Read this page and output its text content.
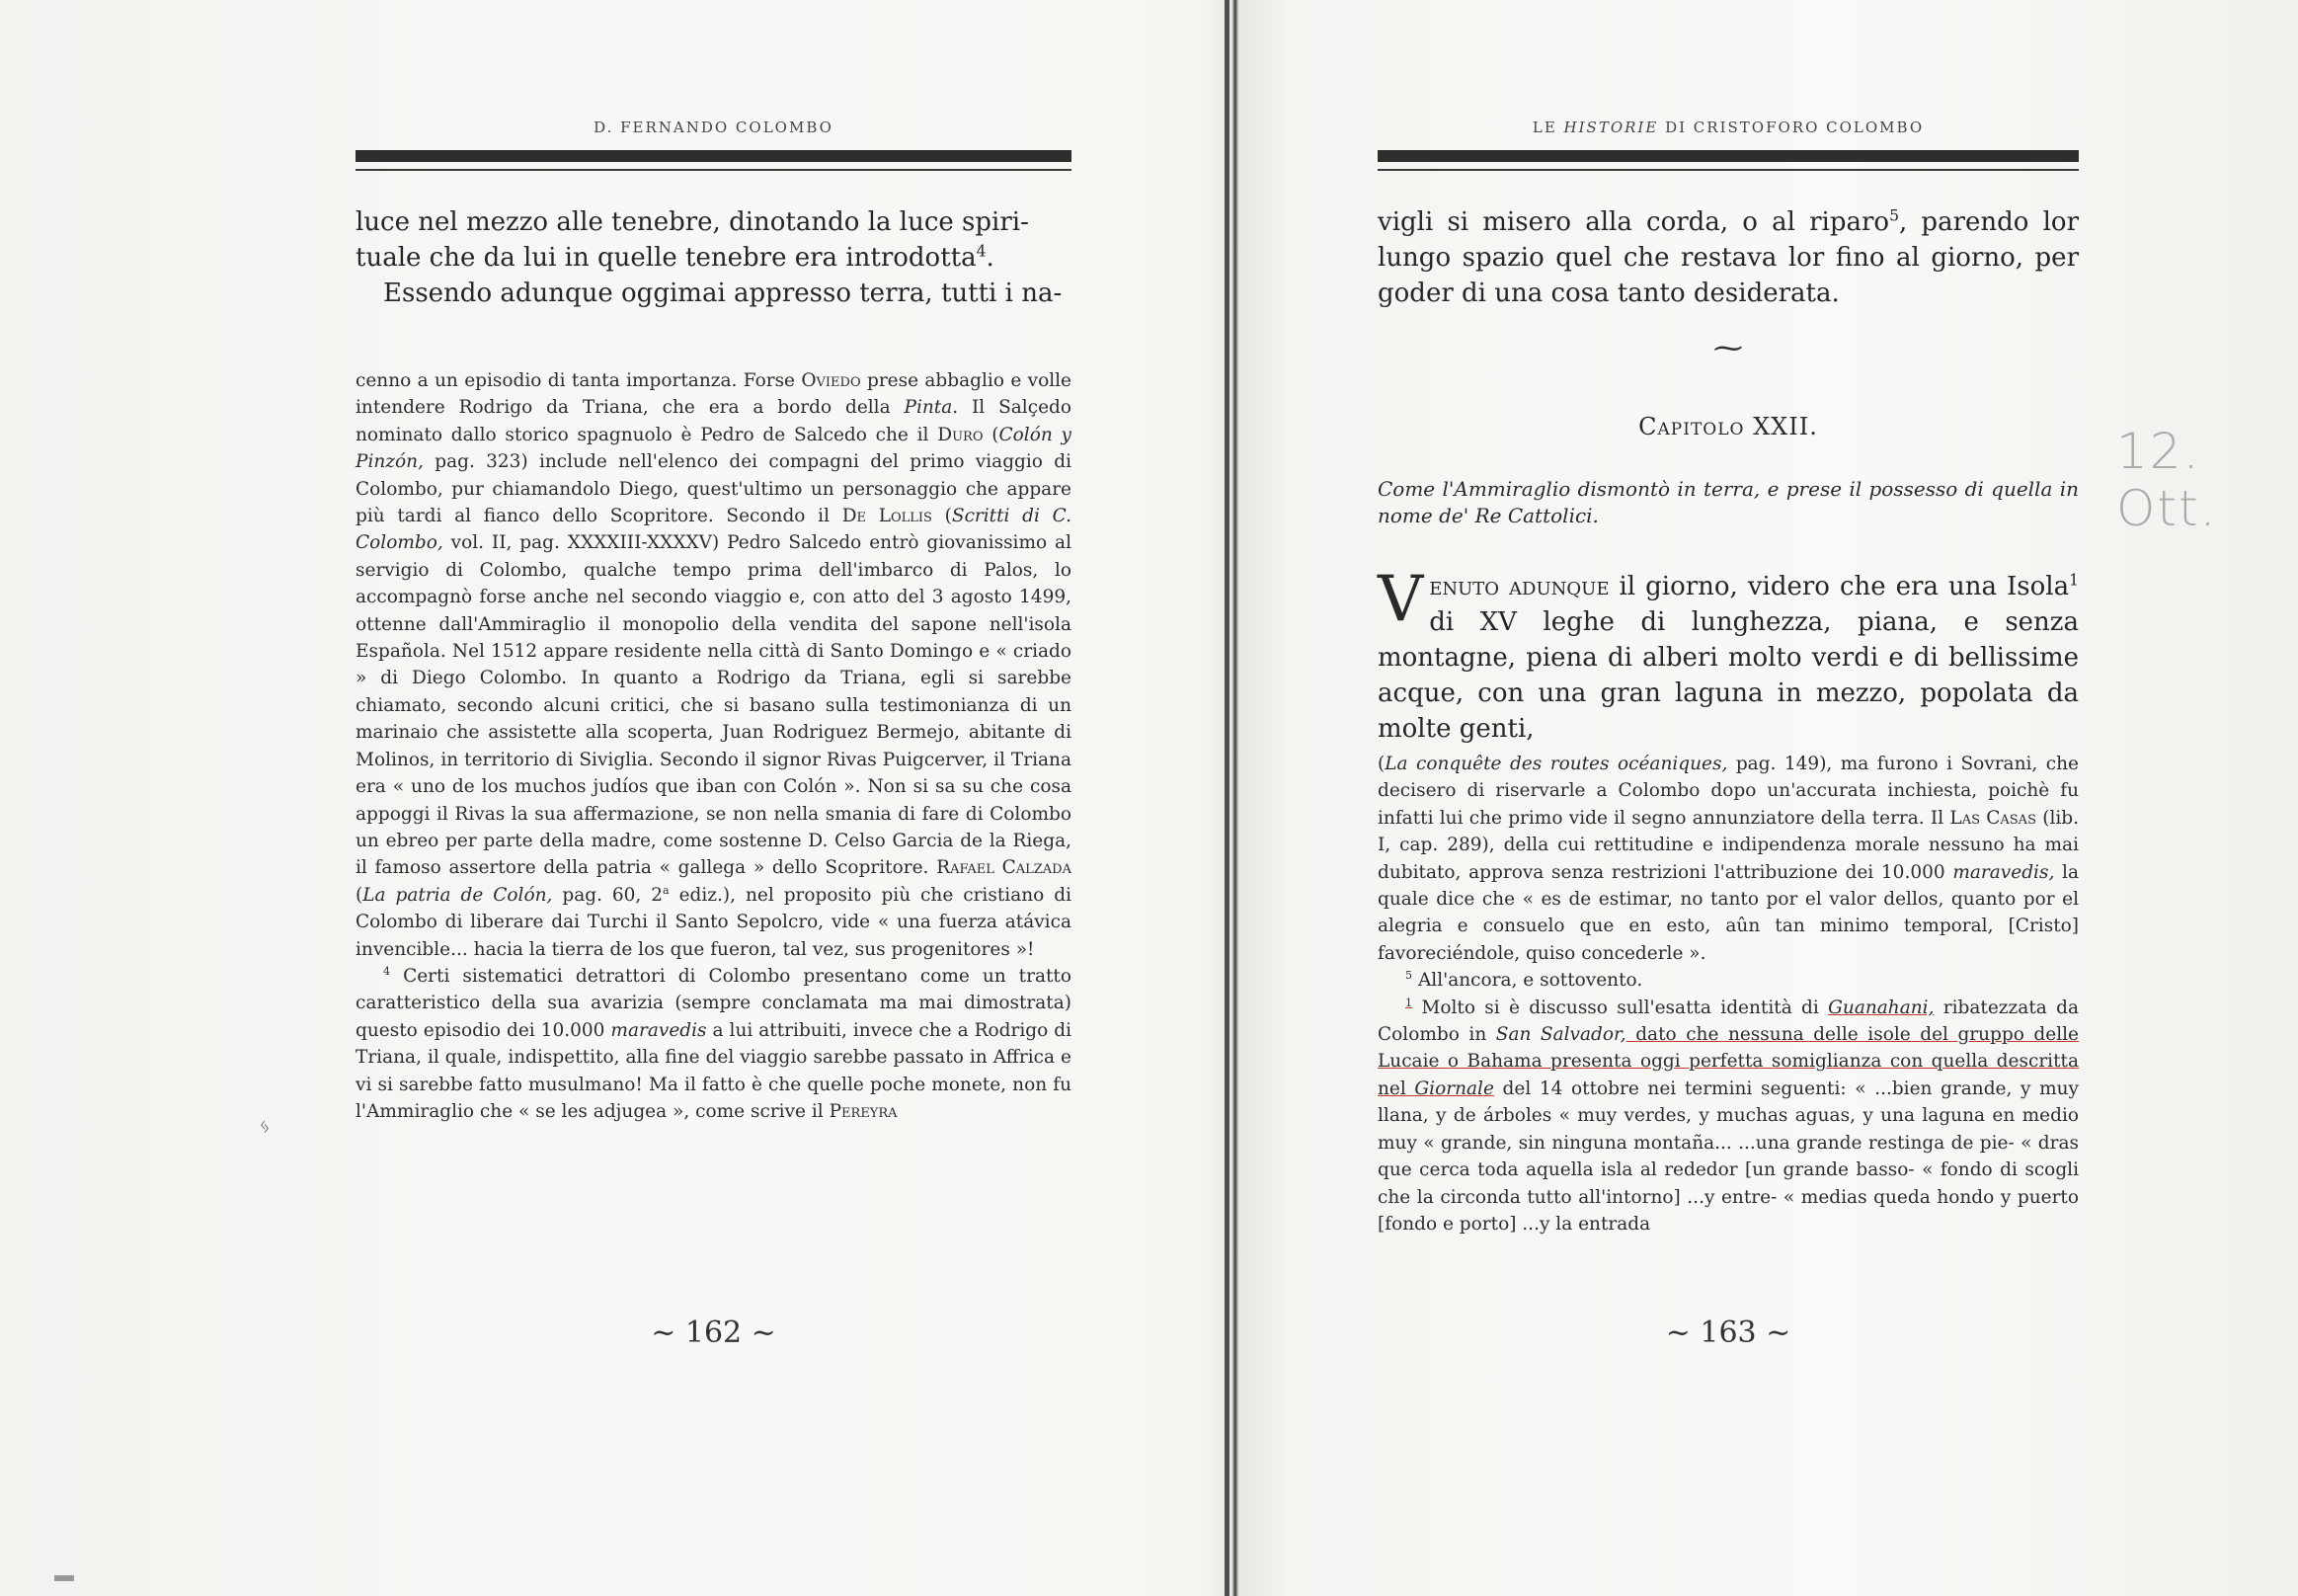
D. FERNANDO COLOMBO

luce nel mezzo alle tenebre, dinotando la luce spiri-

tuale che da lui in quelle tenebre era introdotta$^4$.

Essendo adunque oggimai appresso terra, tutti i na-

cenno a un episodio di tanta importanza. Forse Oviedo prese abbaglio e volle intendere Rodrigo da Triana, che era a bordo della Pinta. Il Salçedo nominato dallo storico spagnuolo è Pedro de Salcedo che il Duro (Colón y Pinzón, pag. 323) include nell'elenco dei compagni del primo viaggio di Colombo, pur chiamandolo Diego, quest'ultimo un personaggio che appare più tardi al fianco dello Scopritore. Secondo il De Lollis (Scritti di C. Colombo, vol. II, pag. XXXXIII-XXXXV) Pedro Salcedo entrò giovanissimo al servigio di Colombo, qualche tempo prima dell'imbarco di Palos, lo accompagnò forse anche nel secondo viaggio e, con atto del 3 agosto 1499, ottenne dall'Ammiraglio il monopolio della vendita del sapone nell'isola Española. Nel 1512 appare residente nella città di Santo Domingo e « criado » di Diego Colombo. In quanto a Rodrigo da Triana, egli si sarebbe chiamato, secondo alcuni critici, che si basano sulla testimonianza di un marinaio che assistette alla scoperta, Juan Rodriguez Bermejo, abitante di Molinos, in territorio di Siviglia. Secondo il signor Rivas Puigcerver, il Triana era « uno de los muchos judíos que iban con Colón ». Non si sa su che cosa appoggi il Rivas la sua affermazione, se non nella smania di fare di Colombo un ebreo per parte della madre, come sostenne D. Celso Garcia de la Riega, il famoso assertore della patria « gallega » dello Scopritore. Rafael Calzada (La patria de Colón, pag. 60, 2$^a$ ediz.), nel proposito più che cristiano di Colombo di liberare dai Turchi il Santo Sepolcro, vide « una fuerza atávica invencible... hacia la tierra de los que fueron, tal vez, sus progenitores »!

$^4$ Certi sistematici detrattori di Colombo presentano come un tratto caratteristico della sua avarizia (sempre conclamata ma mai dimostrata) questo episodio dei 10.000 maravedis a lui attribuiti, invece che a Rodrigo di Triana, il quale, indispettito, alla fine del viaggio sarebbe passato in Affrica e vi si sarebbe fatto musulmano! Ma il fatto è che quelle poche monete, non fu l'Ammiraglio che « se les adjugea », come scrive il Pereyra

~ 162 ~
LE HISTORIE DI CRISTOFORO COLOMBO

vigli si misero alla corda, o al riparo$^5$, parendo lor lungo spazio quel che restava lor fino al giorno, per goder di una cosa tanto desiderata.

⁓
Capitolo XXII.
Come l'Ammiraglio dismontò in terra, e prese il possesso di quella in nome de' Re Cattolici.

Venuto adunque il giorno, videro che era una Isola$^1$ di XV leghe di lunghezza, piana, e senza montagne, piena di alberi molto verdi e di bellissime acque, con una gran laguna in mezzo, popolata da molte genti,

(La conquête des routes océaniques, pag. 149), ma furono i Sovrani, che decisero di riservarle a Colombo dopo un'accurata inchiesta, poichè fu infatti lui che primo vide il segno annunziatore della terra. Il Las Casas (lib. I, cap. 289), della cui rettitudine e indipendenza morale nessuno ha mai dubitato, approva senza restrizioni l'attribuzione dei 10.000 maravedis, la quale dice che « es de estimar, no tanto por el valor dellos, quanto por el alegria e consuelo que en esto, aûn tan minimo temporal, [Cristo] favoreciéndole, quiso concederle ».

$^5$ All'ancora, e sottovento.

$^1$ Molto si è discusso sull'esatta identità di Guanahani, ribatezzata da Colombo in San Salvador, dato che nessuna delle isole del gruppo delle Lucaie o Bahama presenta oggi perfetta somiglianza con quella descritta nel Giornale del 14 ottobre nei termini seguenti: « ...bien grande, y muy llana, y de árboles « muy verdes, y muchas aguas, y una laguna en medio muy « grande, sin ninguna montaña... ...una grande restinga de pie- « dras que cerca toda aquella isla al rededor [un grande basso- « fondo di scogli che la circonda tutto all'intorno] ...y entre- « medias queda hondo y puerto [fondo e porto] ...y la entrada

~ 163 ~
12. Ott.
ᛃ
